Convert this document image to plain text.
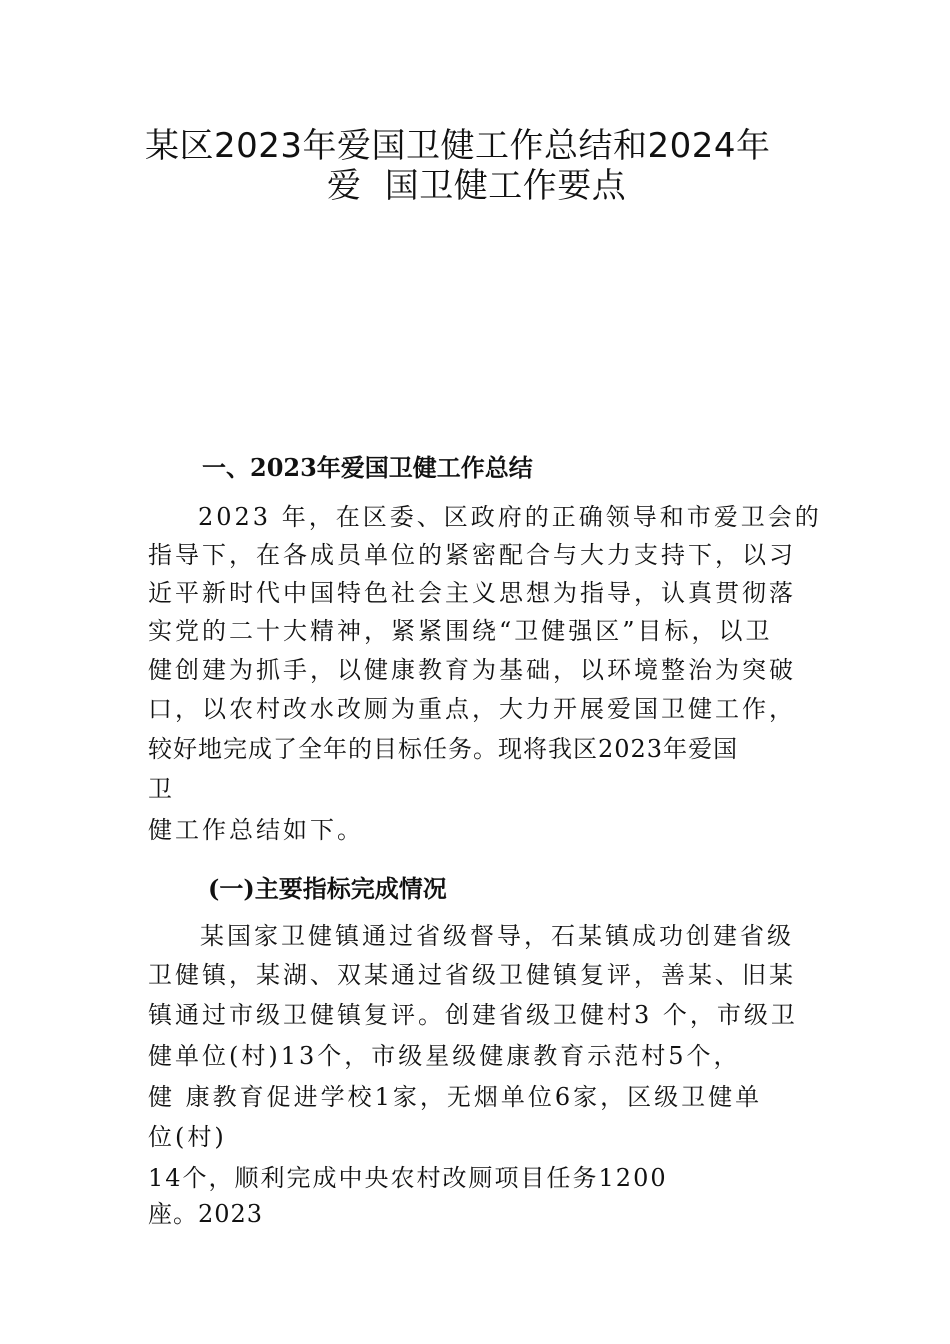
某区2023年爱国卫健工作总结和2024年
爱 国卫健工作要点
一、2023年爱国卫健工作总结
2023 年，在区委、区政府的正确领导和市爱卫会的
指导下，在各成员单位的紧密配合与大力支持下，以习
近平新时代中国特色社会主义思想为指导，认真贯彻落
实党的二十大精神，紧紧围绕“卫健强区”目标，以卫
健创建为抓手，以健康教育为基础，以环境整治为突破
口，以农村改水改厕为重点，大力开展爱国卫健工作，
较好地完成了全年的目标任务。现将我区2023年爱国
卫
健工作总结如下。
(一)主要指标完成情况
某国家卫健镇通过省级督导，石某镇成功创建省级
卫健镇，某湖、双某通过省级卫健镇复评，善某、旧某
镇通过市级卫健镇复评。创建省级卫健村3 个，市级卫
健单位(村)13个，市级星级健康教育示范村5个，
健 康教育促进学校1家，无烟单位6家，区级卫健单
位(村)
14个，顺利完成中央农村改厕项目任务1200
座。2023
